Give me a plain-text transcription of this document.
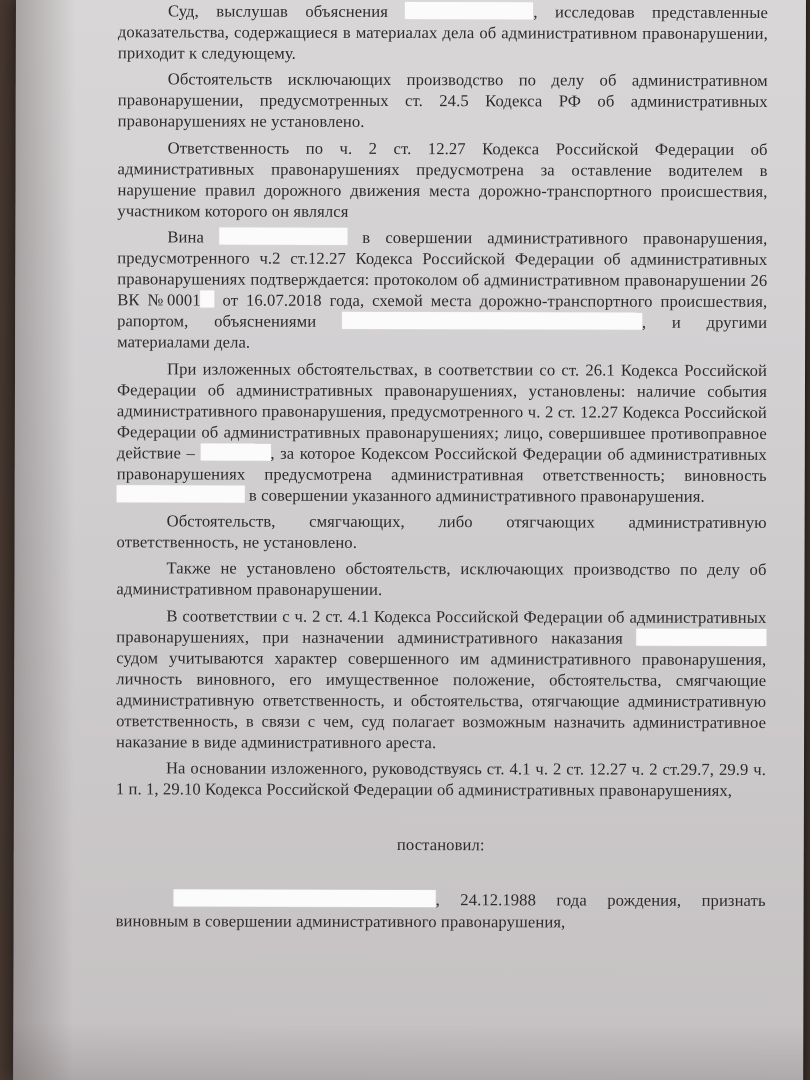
Суд, выслушав объяснения	, исследовав представленные доказательства, содержащиеся в материалах дела об административном правонарушении, приходит к следующему.

Обстоятельств исключающих производство по делу об административном правонарушении, предусмотренных ст. 24.5 Кодекса РФ об административных правонарушениях не установлено.

Ответственность по ч. 2 ст. 12.27 Кодекса Российской Федерации об административных правонарушениях предусмотрена за оставление водителем в нарушение правил дорожного движения места дорожно-транспортного происшествия, участником которого он являлся

Вина	в совершении административного правонарушения, предусмотренного ч.2 ст.12.27 Кодекса Российской Федерации об административных правонарушениях подтверждается: протоколом об административном правонарушении 26 ВК №0001 от 16.07.2018 года, схемой места дорожно-транспортного происшествия, рапортом, объяснениями	, и другими материалами дела.

При изложенных обстоятельствах, в соответствии со ст. 26.1 Кодекса Российской Федерации об административных правонарушениях, установлены: наличие события административного правонарушения, предусмотренного ч. 2 ст. 12.27 Кодекса Российской Федерации об административных правонарушениях; лицо, совершившее противоправное действие –	, за которое Кодексом Российской Федерации об административных правонарушениях предусмотрена административная ответственность; виновность  в совершении указанного административного правонарушения.

Обстоятельств, смягчающих, либо отягчающих административную ответственность, не установлено.

Также не установлено обстоятельств, исключающих производство по делу об административном правонарушении.

В соответствии с ч. 2 ст. 4.1 Кодекса Российской Федерации об административных правонарушениях, при назначении административного наказания  судом учитываются характер совершенного им административного правонарушения, личность виновного, его имущественное положение, обстоятельства, смягчающие административную ответственность, и обстоятельства, отягчающие административную ответственность, в связи с чем, суд полагает возможным назначить административное наказание в виде административного ареста.

На основании изложенного, руководствуясь ст. 4.1 ч. 2 ст. 12.27 ч. 2 ст.29.7, 29.9 ч. 1 п. 1, 29.10 Кодекса Российской Федерации об административных правонарушениях,

постановил:

, 24.12.1988 года рождения, признать виновным в совершении административного правонарушения,
